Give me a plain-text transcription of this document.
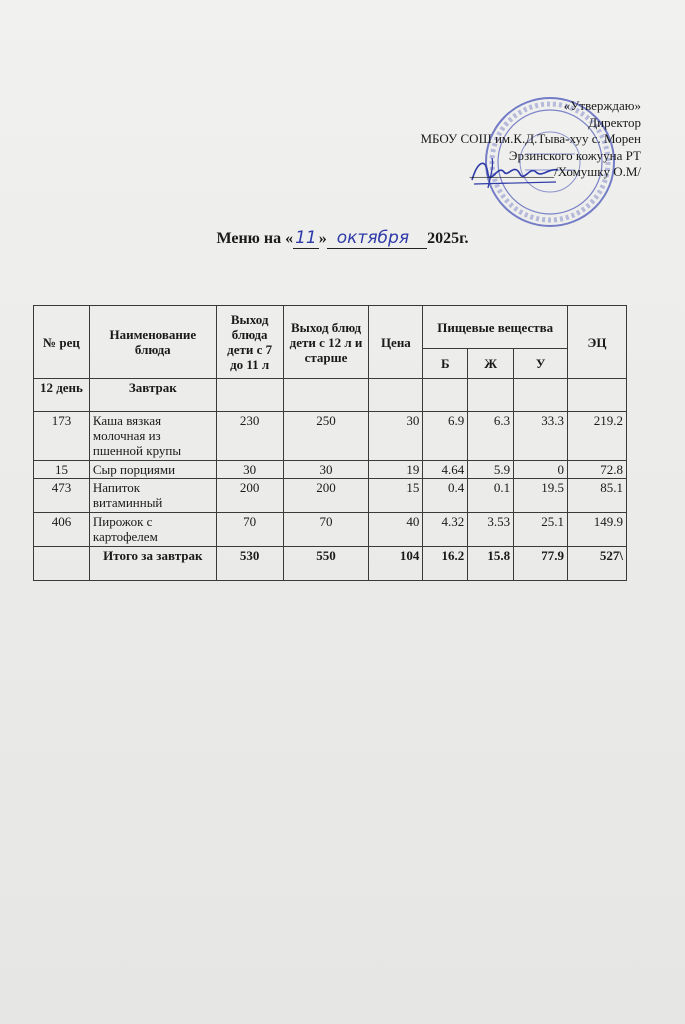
«Утверждаю»
Директор
МБОУ СОШ им.К.Д.Тыва-хуу с. Морен
Эрзинского кожууна РТ
_____________/Хомушку О.М/
Меню на « 11 » октября 2025г.
№ рец	Наименование блюда	Выход блюда дети с 7 до 11 л	Выход блюд дети с 12 л и старше	Цена	Пищевые вещества			ЭЦ
					Б	Ж	У	
12 день	Завтрак							
173	Каша вязкая молочная из пшенной крупы	230	250	30	6.9	6.3	33.3	219.2
15	Сыр порциями	30	30	19	4.64	5.9	0	72.8
473	Напиток витаминный	200	200	15	0.4	0.1	19.5	85.1
406	Пирожок с картофелем	70	70	40	4.32	3.53	25.1	149.9
	Итого за завтрак	530	550	104	16.2	15.8	77.9	527\
